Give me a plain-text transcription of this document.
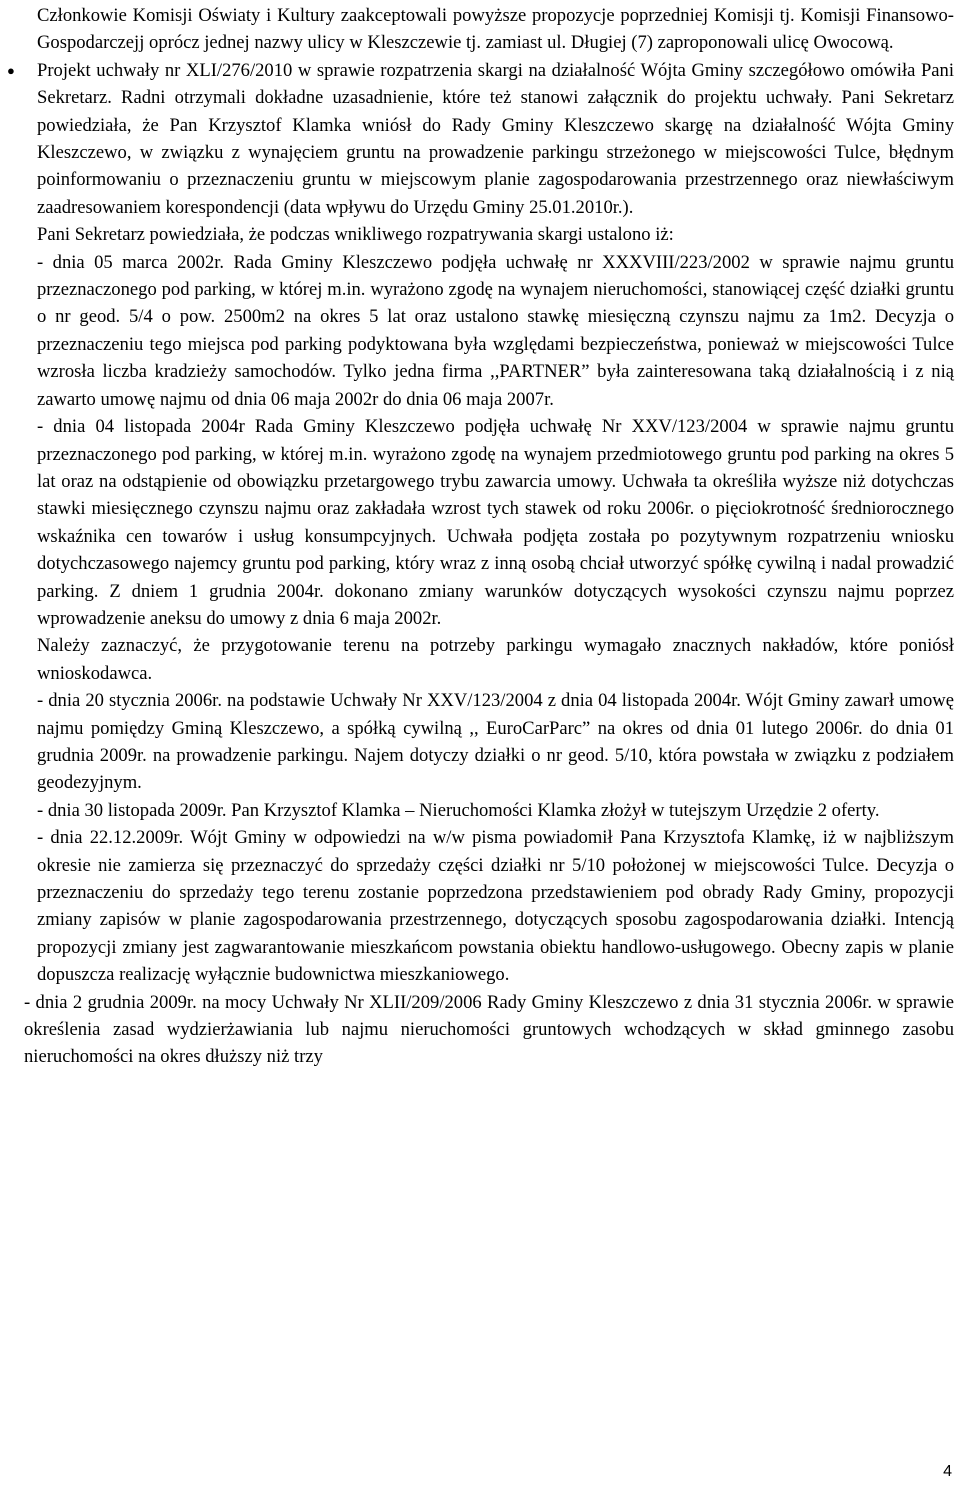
Członkowie Komisji Oświaty i Kultury zaakceptowali powyższe propozycje poprzedniej Komisji tj. Komisji Finansowo-Gospodarczejj oprócz jednej nazwy ulicy w Kleszczewie tj. zamiast ul. Długiej (7) zaproponowali ulicę Owocową.

● Projekt uchwały nr XLI/276/2010 w sprawie rozpatrzenia skargi na działalność Wójta Gminy szczegółowo omówiła Pani Sekretarz. Radni otrzymali dokładne uzasadnienie, które też stanowi załącznik do projektu uchwały. Pani Sekretarz powiedziała, że Pan Krzysztof Klamka wniósł do Rady Gminy Kleszczewo skargę na działalność Wójta Gminy Kleszczewo, w związku z wynajęciem gruntu na prowadzenie parkingu strzeżonego w miejscowości Tulce, błędnym poinformowaniu o przeznaczeniu gruntu w miejscowym planie zagospodarowania przestrzennego oraz niewłaściwym zaadresowaniem korespondencji (data wpływu do Urzędu Gminy 25.01.2010r.).

Pani Sekretarz powiedziała, że podczas wnikliwego rozpatrywania skargi ustalono iż:

- dnia 05 marca 2002r. Rada Gminy Kleszczewo podjęła uchwałę nr XXXVIII/223/2002 w sprawie najmu gruntu przeznaczonego pod parking, w której m.in. wyrażono zgodę na wynajem nieruchomości, stanowiącej część działki gruntu o nr geod. 5/4 o pow. 2500m2 na okres 5 lat oraz ustalono stawkę miesięczną czynszu najmu za 1m2. Decyzja o przeznaczeniu tego miejsca pod parking podyktowana była względami bezpieczeństwa, ponieważ w miejscowości Tulce wzrosła liczba kradzieży samochodów. Tylko jedna firma ,,PARTNER” była zainteresowana taką działalnością i z nią zawarto umowę najmu od dnia 06 maja 2002r do dnia 06 maja 2007r.

- dnia 04 listopada 2004r Rada Gminy Kleszczewo podjęła uchwałę Nr XXV/123/2004 w sprawie najmu gruntu przeznaczonego pod parking, w której m.in. wyrażono zgodę na wynajem przedmiotowego gruntu pod parking na okres 5 lat oraz na odstąpienie od obowiązku przetargowego trybu zawarcia umowy. Uchwała ta określiła wyższe niż dotychczas stawki miesięcznego czynszu najmu oraz zakładała wzrost tych stawek od roku 2006r. o pięciokrotność średniorocznego wskaźnika cen towarów i usług konsumpcyjnych. Uchwała podjęta została po pozytywnym rozpatrzeniu wniosku dotychczasowego najemcy gruntu pod parking, który wraz z inną osobą chciał utworzyć spółkę cywilną i nadal prowadzić parking. Z dniem 1 grudnia 2004r. dokonano zmiany warunków dotyczących wysokości czynszu najmu poprzez wprowadzenie aneksu do umowy z dnia 6 maja 2002r.

Należy zaznaczyć, że przygotowanie terenu na potrzeby parkingu wymagało znacznych nakładów, które poniósł wnioskodawca.

- dnia 20 stycznia 2006r. na podstawie Uchwały Nr XXV/123/2004 z dnia 04 listopada 2004r. Wójt Gminy zawarł umowę najmu pomiędzy Gminą Kleszczewo, a spółką cywilną ,, EuroCarParc” na okres od dnia 01 lutego 2006r. do dnia 01 grudnia 2009r. na prowadzenie parkingu. Najem dotyczy działki o nr geod. 5/10, która powstała w związku z podziałem geodezyjnym.

- dnia 30 listopada 2009r. Pan Krzysztof Klamka – Nieruchomości Klamka złożył w tutejszym Urzędzie 2 oferty.

- dnia 22.12.2009r. Wójt Gminy w odpowiedzi na w/w pisma powiadomił Pana Krzysztofa Klamkę, iż w najbliższym okresie nie zamierza się przeznaczyć do sprzedaży części działki nr 5/10 położonej w miejscowości Tulce. Decyzja o przeznaczeniu do sprzedaży tego terenu zostanie poprzedzona przedstawieniem pod obrady Rady Gminy, propozycji zmiany zapisów w planie zagospodarowania przestrzennego, dotyczących sposobu zagospodarowania działki. Intencją propozycji zmiany jest zagwarantowanie mieszkańcom powstania obiektu handlowo-usługowego. Obecny zapis w planie dopuszcza realizację wyłącznie budownictwa mieszkaniowego.

- dnia 2 grudnia 2009r. na mocy Uchwały Nr XLII/209/2006 Rady Gminy Kleszczewo z dnia 31 stycznia 2006r. w sprawie określenia zasad wydzierżawiania lub najmu nieruchomości gruntowych wchodzących w skład gminnego zasobu nieruchomości na okres dłuższy niż trzy

4
